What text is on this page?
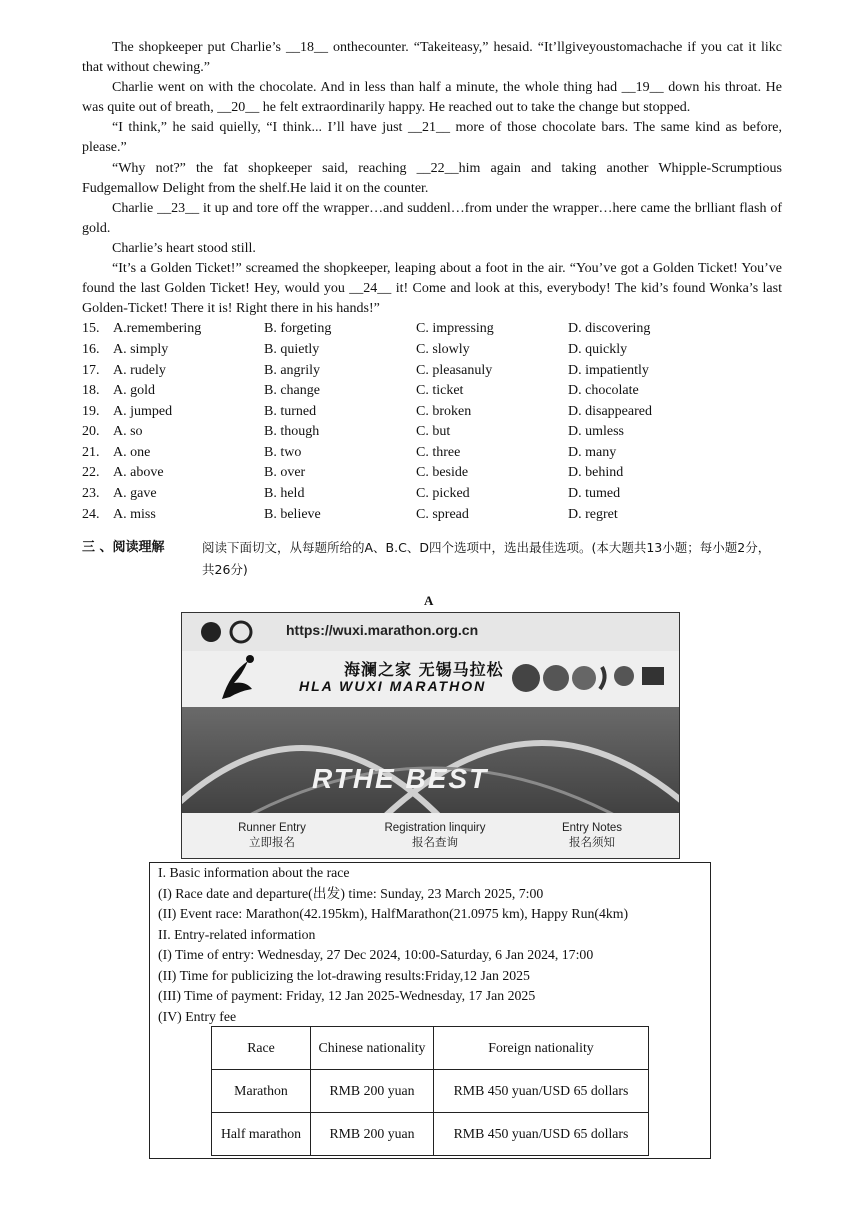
The shopkeeper put Charlie’s __18__ onthecounter. “Takeiteasy,” hesaid. “It’llgiveyoustomachache if you cat it likc that without chewing.”

Charlie went on with the chocolate. And in less than half a minute, the whole thing had __19__ down his throat. He was quite out of breath, __20__ he felt extraordinarily happy. He reached out to take the change but stopped.

“I think,” he said quielly, “I think... I’ll have just __21__ more of those chocolate bars. The same kind as before, please.”

“Why not?” the fat shopkeeper said, reaching __22__him again and taking another Whipple-Scrumptious Fudgemallow Delight from the shelf.He laid it on the counter.

Charlie __23__ it up and tore off the wrapper…and suddenl…from under the wrapper…here came the brlliant flash of gold.

Charlie’s heart stood still.

“It’s a Golden Ticket!” screamed the shopkeeper, leaping about a foot in the air. “You’ve got a Golden Ticket! You’ve found the last Golden Ticket! Hey, would you __24__ it! Come and look at this, everybody! The kid’s found Wonka’s last Golden-Ticket! There it is! Right there in his hands!”

15. A.remembering	B. forgeting	C. impressing	D. discovering
16. A. simply	B. quietly	C. slowly	D. quickly
17. A. rudely	B. angrily	C. pleasanuly	D. impatiently
18. A. gold	B. change	C. ticket	D. chocolate
19. A. jumped	B. turned	C. broken	D. disappeared
20. A. so	B. though	C. but	D. umless
21. A. one	B. two	C. three	D. many
22. A. above	B. over	C. beside	D. behind
23. A. gave	B. held	C. picked	D. tumed
24. A. miss	B. believe	C. spread	D. regret
三 、阅读理解	阅读下面切文，从每题所给的A、B.C、D四个选项中，选出最佳选项。(本大题共13小题；每小题2分，共26分)
A
https://wuxi.marathon.org.cn
海澜之家 无锡马拉松
HLA WUXI MARATHON
RTHE BEST
Runner Entry
立即报名
Registration linquiry
报名查询
Entry Notes
报名须知
I. Basic information about the race
(I) Race date and departure(出发) time: Sunday, 23 March 2025, 7:00
(II) Event race: Marathon(42.195km), HalfMarathon(21.0975 km), Happy Run(4km)
II. Entry-related information
(I) Time of entry: Wednesday, 27 Dec 2024, 10:00-Saturday, 6 Jan 2024, 17:00
(II) Time for publicizing the lot-drawing results:Friday,12 Jan 2025
(III) Time of payment: Friday, 12 Jan 2025-Wednesday, 17 Jan 2025
(IV) Entry fee
Race	Chinese nationality	Foreign nationality
Marathon	RMB 200 yuan	RMB 450 yuan/USD 65 dollars
Half marathon	RMB 200 yuan	RMB 450 yuan/USD 65 dollars
